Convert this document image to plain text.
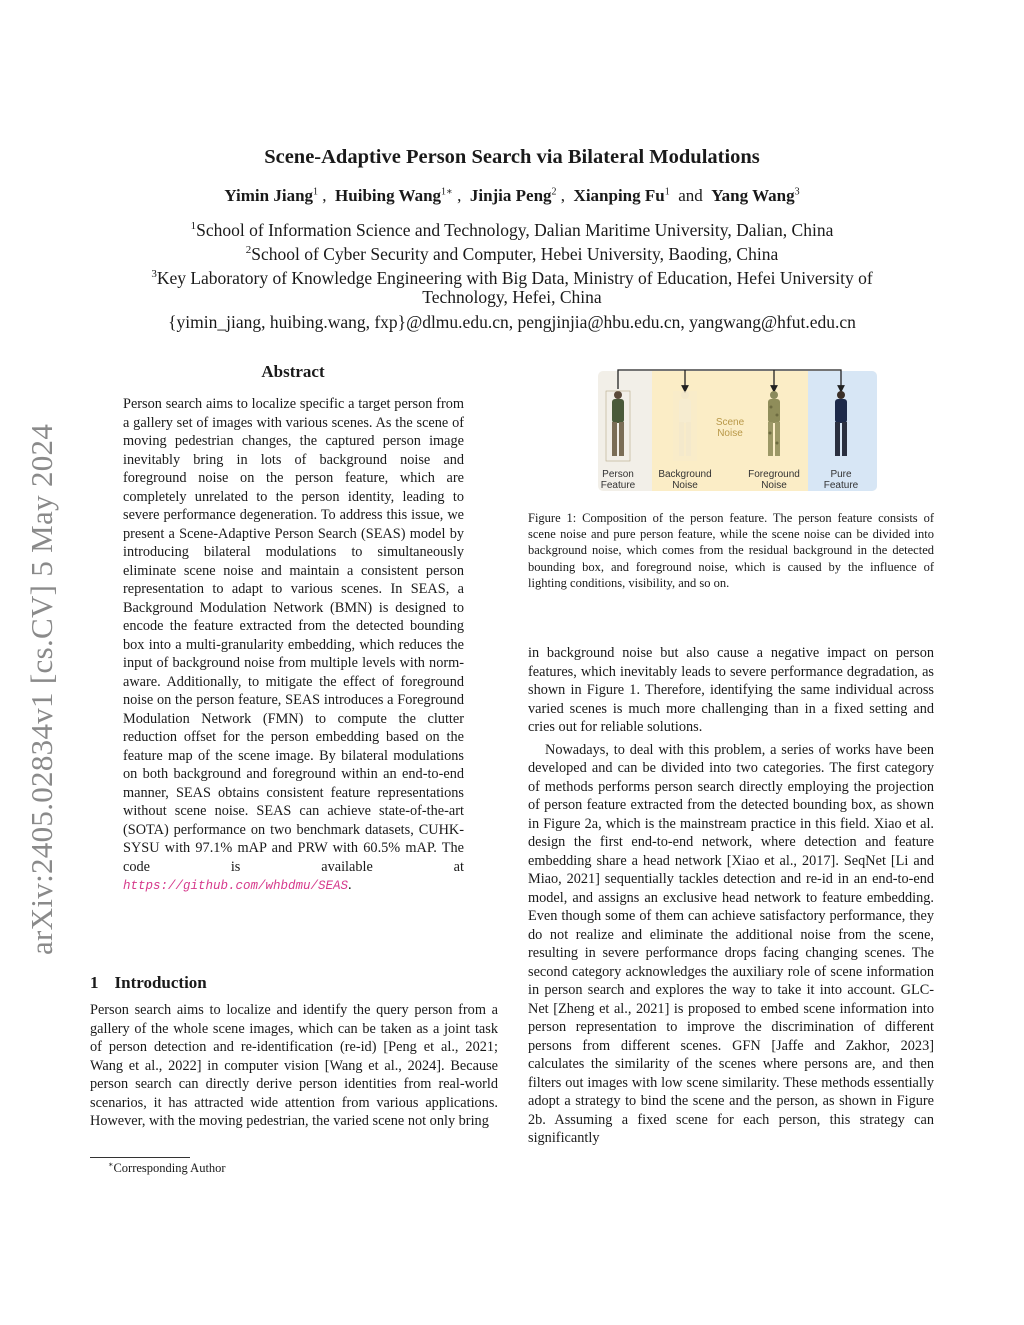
arXiv:2405.02834v1 [cs.CV] 5 May 2024
Scene-Adaptive Person Search via Bilateral Modulations
Yimin Jiang$^1$ ,  Huibing Wang$^{1∗}$ ,  Jinjia Peng$^2$ ,  Xianping Fu$^1$ and Yang Wang$^3$
$^1$School of Information Science and Technology, Dalian Maritime University, Dalian, China
$^2$School of Cyber Security and Computer, Hebei University, Baoding, China
$^3$Key Laboratory of Knowledge Engineering with Big Data, Ministry of Education, Hefei University of
Technology, Hefei, China
{yimin_jiang, huibing.wang, fxp}@dlmu.edu.cn, pengjinjia@hbu.edu.cn, yangwang@hfut.edu.cn
Abstract
Person search aims to localize specific a target person from a gallery set of images with various scenes. As the scene of moving pedestrian changes, the captured person image inevitably bring in lots of background noise and foreground noise on the person feature, which are completely unrelated to the person identity, leading to severe performance degeneration. To address this issue, we present a Scene-Adaptive Person Search (SEAS) model by introducing bilateral modulations to simultaneously eliminate scene noise and maintain a consistent person representation to adapt to various scenes. In SEAS, a Background Modulation Network (BMN) is designed to encode the feature extracted from the detected bounding box into a multi-granularity embedding, which reduces the input of background noise from multiple levels with norm-aware. Additionally, to mitigate the effect of foreground noise on the person feature, SEAS introduces a Foreground Modulation Network (FMN) to compute the clutter reduction offset for the person embedding based on the feature map of the scene image. By bilateral modulations on both background and foreground within an end-to-end manner, SEAS obtains consistent feature representations without scene noise. SEAS can achieve state-of-the-art (SOTA) performance on two benchmark datasets, CUHK-SYSU with 97.1% mAP and PRW with 60.5% mAP. The code is available at https://github.com/whbdmu/SEAS.
1 Introduction
Person search aims to localize and identify the query person from a gallery of the whole scene images, which can be taken as a joint task of person detection and re-identification (re-id) [Peng et al., 2021; Wang et al., 2022] in computer vision [Wang et al., 2024]. Because person search can directly derive person identities from real-world scenarios, it has attracted wide attention from various applications. However, with the moving pedestrian, the varied scene not only bring
∗Corresponding Author
Scene Noise
Person Feature
Background Noise
Foreground Noise
Pure Feature
Figure 1: Composition of the person feature. The person feature consists of scene noise and pure person feature, while the scene noise can be divided into background noise, which comes from the residual background in the detected bounding box, and foreground noise, which is caused by the influence of lighting conditions, visibility, and so on.

in background noise but also cause a negative impact on person features, which inevitably leads to severe performance degradation, as shown in Figure 1. Therefore, identifying the same individual across varied scenes is much more challenging than in a fixed setting and cries out for reliable solutions.

Nowadays, to deal with this problem, a series of works have been developed and can be divided into two categories. The first category of methods performs person search directly employing the projection of person feature extracted from the detected bounding box, as shown in Figure 2a, which is the mainstream practice in this field. Xiao et al. design the first end-to-end network, where detection and feature embedding share a head network [Xiao et al., 2017]. SeqNet [Li and Miao, 2021] sequentially tackles detection and re-id in an end-to-end model, and assigns an exclusive head network to feature embedding. Even though some of them can achieve satisfactory performance, they do not realize and eliminate the additional noise from the scene, resulting in severe performance drops facing changing scenes. The second category acknowledges the auxiliary role of scene information in person search and explores the way to take it into account. GLC-Net [Zheng et al., 2021] is proposed to embed scene information into person representation to improve the discrimination of different persons from different scenes. GFN [Jaffe and Zakhor, 2023] calculates the similarity of the scenes where persons are, and then filters out images with low scene similarity. These methods essentially adopt a strategy to bind the scene and the person, as shown in Figure 2b. Assuming a fixed scene for each person, this strategy can significantly
